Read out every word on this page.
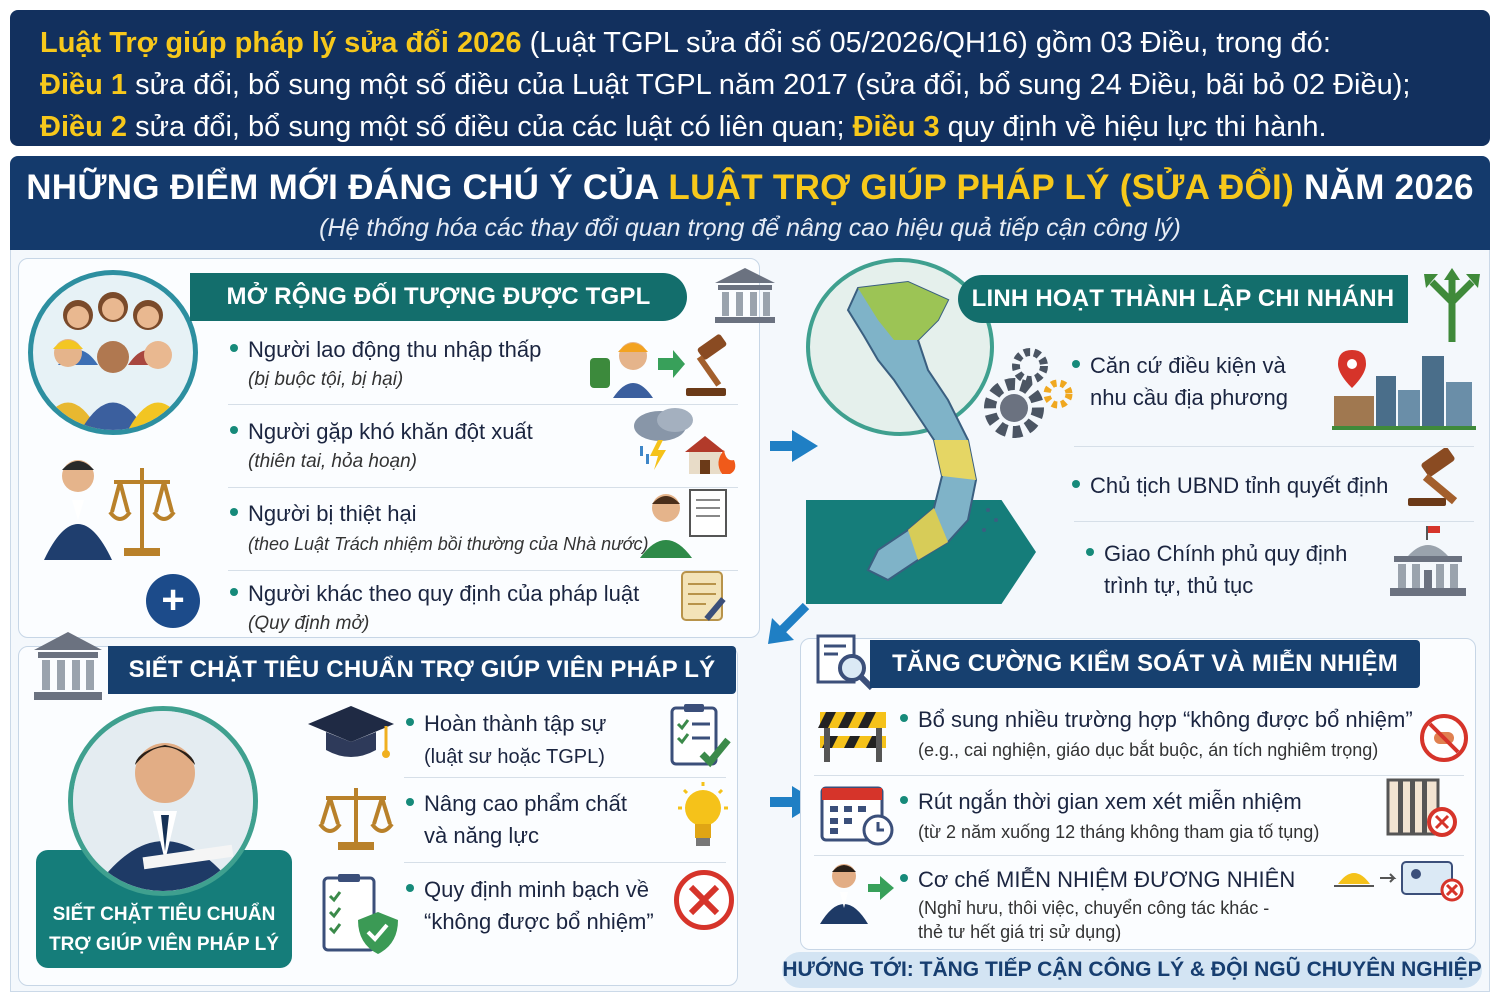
Luật Trợ giúp pháp lý sửa đổi 2026 (Luật TGPL sửa đổi số 05/2026/QH16) gồm 03 Điều, trong đó:
Điều 1 sửa đổi, bổ sung một số điều của Luật TGPL năm 2017 (sửa đổi, bổ sung 24 Điều, bãi bỏ 02 Điều);
Điều 2 sửa đổi, bổ sung một số điều của các luật có liên quan; Điều 3 quy định về hiệu lực thi hành.
NHỮNG ĐIỂM MỚI ĐÁNG CHÚ Ý CỦA LUẬT TRỢ GIÚP PHÁP LÝ (SỬA ĐỔI) NĂM 2026
(Hệ thống hóa các thay đổi quan trọng để nâng cao hiệu quả tiếp cận công lý)
MỞ RỘNG ĐỐI TƯỢNG ĐƯỢC TGPL
Người lao động thu nhập thấp
(bị buộc tội, bị hại)
Người gặp khó khăn đột xuất
(thiên tai, hỏa hoạn)
Người bị thiệt hại
(theo Luật Trách nhiệm bồi thường của Nhà nước)
Người khác theo quy định của pháp luật
(Quy định mở)
+
LINH HOẠT THÀNH LẬP CHI NHÁNH
Căn cứ điều kiện và
nhu cầu địa phương
Chủ tịch UBND tỉnh quyết định
Giao Chính phủ quy định
trình tự, thủ tục
SIẾT CHẶT TIÊU CHUẨN TRỢ GIÚP VIÊN PHÁP LÝ
SIẾT CHẶT TIÊU CHUẨN
TRỢ GIÚP VIÊN PHÁP LÝ
Hoàn thành tập sự
(luật sư hoặc TGPL)
Nâng cao phẩm chất
và năng lực
Quy định minh bạch về
“không được bổ nhiệm”
TĂNG CƯỜNG KIỂM SOÁT VÀ MIỄN NHIỆM
Bổ sung nhiều trường hợp “không được bổ nhiệm”
(e.g., cai nghiện, giáo dục bắt buộc, án tích nghiêm trọng)
Rút ngắn thời gian xem xét miễn nhiệm
(từ 2 năm xuống 12 tháng không tham gia tố tụng)
Cơ chế MIỄN NHIỆM ĐƯƠNG NHIÊN
(Nghỉ hưu, thôi việc, chuyển công tác khác -
thẻ tư hết giá trị sử dụng)
HƯỚNG TỚI: TĂNG TIẾP CẬN CÔNG LÝ & ĐỘI NGŨ CHUYÊN NGHIỆP
